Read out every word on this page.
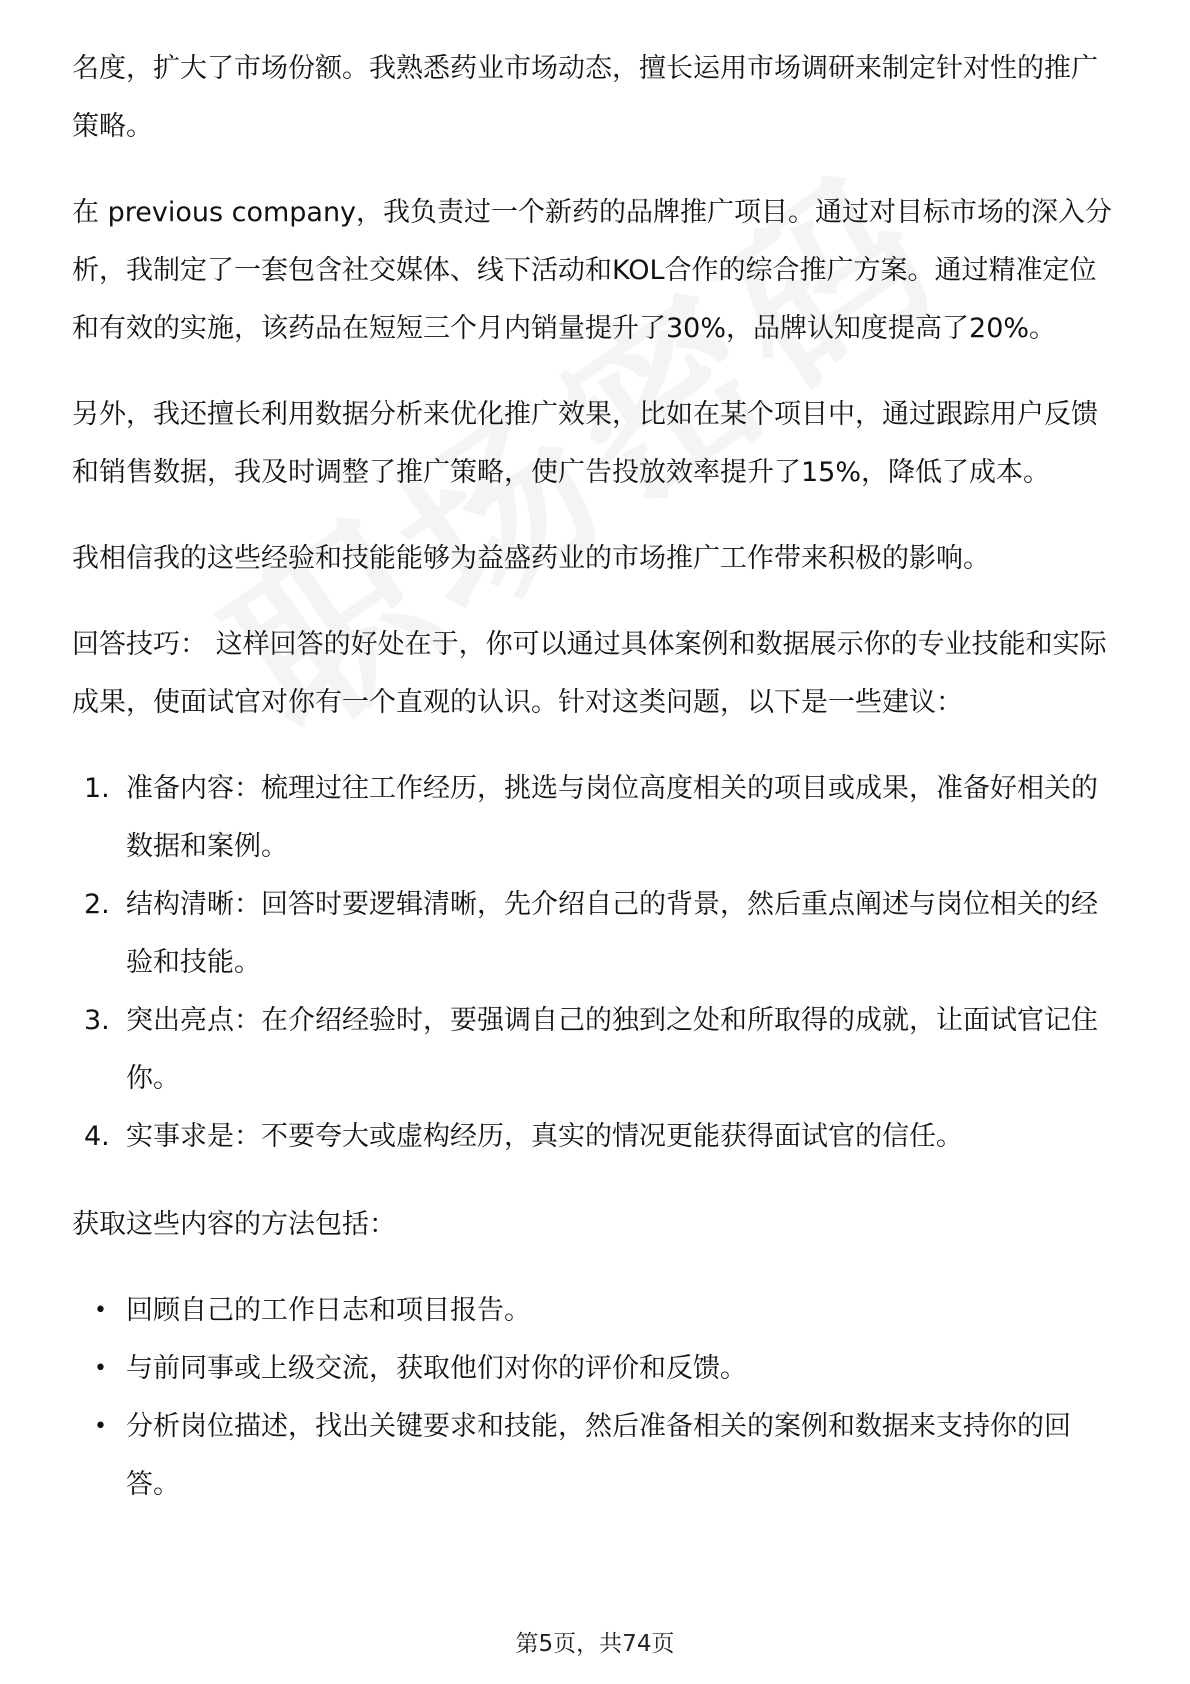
名度，扩大了市场份额。我熟悉药业市场动态，擅长运用市场调研来制定针对性的推广策略。

在 previous company，我负责过一个新药的品牌推广项目。通过对目标市场的深入分析，我制定了一套包含社交媒体、线下活动和KOL合作的综合推广方案。通过精准定位和有效的实施，该药品在短短三个月内销量提升了30%，品牌认知度提高了20%。

另外，我还擅长利用数据分析来优化推广效果，比如在某个项目中，通过跟踪用户反馈和销售数据，我及时调整了推广策略，使广告投放效率提升了15%，降低了成本。

我相信我的这些经验和技能能够为益盛药业的市场推广工作带来积极的影响。

回答技巧： 这样回答的好处在于，你可以通过具体案例和数据展示你的专业技能和实际成果，使面试官对你有一个直观的认识。针对这类问题，以下是一些建议：

1. 准备内容：梳理过往工作经历，挑选与岗位高度相关的项目或成果，准备好相关的数据和案例。
2. 结构清晰：回答时要逻辑清晰，先介绍自己的背景，然后重点阐述与岗位相关的经验和技能。
3. 突出亮点：在介绍经验时，要强调自己的独到之处和所取得的成就，让面试官记住你。
4. 实事求是：不要夸大或虚构经历，真实的情况更能获得面试官的信任。

获取这些内容的方法包括：

• 回顾自己的工作日志和项目报告。
• 与前同事或上级交流，获取他们对你的评价和反馈。
• 分析岗位描述，找出关键要求和技能，然后准备相关的案例和数据来支持你的回答。
第5页，共74页
